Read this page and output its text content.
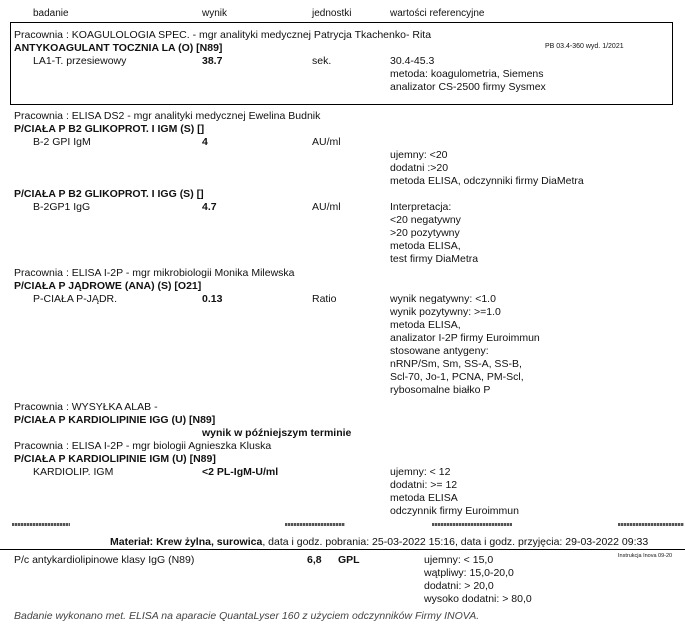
badanie	wynik	jednostki	wartości referencyjne
Pracownia : KOAGULOLOGIA SPEC. - mgr analityki medycznej Patrycja Tkachenko- Rita
ANTYKOAGULANT TOCZNIA LA (O) [N89]	PB 03.4-360 wyd. 1/2021
LA1-T. przesiewowy	38.7	sek.	30.4-45.3
metoda: koagulometria, Siemens
analizator CS-2500 firmy Sysmex
Pracownia : ELISA DS2 - mgr analityki medycznej Ewelina Budnik
P/CIAŁA P B2 GLIKOPROT. I IGM (S) []
B-2 GPI IgM	4	AU/ml
ujemny: <20
dodatni :>20
metoda ELISA, odczynniki firmy DiaMetra
P/CIAŁA P B2 GLIKOPROT. I IGG (S) []
B-2GP1 IgG	4.7	AU/ml	Interpretacja:
<20 negatywny
>20 pozytywny
metoda ELISA,
test firmy DiaMetra
Pracownia : ELISA I-2P - mgr mikrobiologii Monika Milewska
P/CIAŁA P JĄDROWE (ANA) (S) [O21]
P-CIAŁA P-JĄDR.	0.13	Ratio	wynik negatywny: <1.0
wynik pozytywny: >=1.0
metoda ELISA,
analizator I-2P firmy Euroimmun
stosowane antygeny:
nRNP/Sm, Sm, SS-A, SS-B,
Scl-70, Jo-1, PCNA, PM-Scl,
rybosomalne białko P
Pracownia : WYSYŁKA ALAB -
P/CIAŁA P KARDIOLIPINIE IGG (U) [N89]
wynik w późniejszym terminie
Pracownia : ELISA I-2P - mgr biologii Agnieszka Kluska
P/CIAŁA P KARDIOLIPINIE IGM (U) [N89]
KARDIOLIP. IGM	<2 PL-IgM-U/ml	ujemny: < 12
dodatni: >= 12
metoda ELISA
odczynnik firmy Euroimmun
Materiał: Krew żylna, surowica, data i godz. pobrania: 25-03-2022 15:16, data i godz. przyjęcia: 29-03-2022 09:33
Instrukcja Inova 09-20
P/c antykardiolipinowe klasy IgG (N89)	6,8 GPL	ujemny: < 15,0
wątpliwy: 15,0-20,0
dodatni: > 20,0
wysoko dodatni: > 80,0
Badanie wykonano met. ELISA na aparacie QuantaLyser 160 z użyciem odczynników Firmy INOVA.
